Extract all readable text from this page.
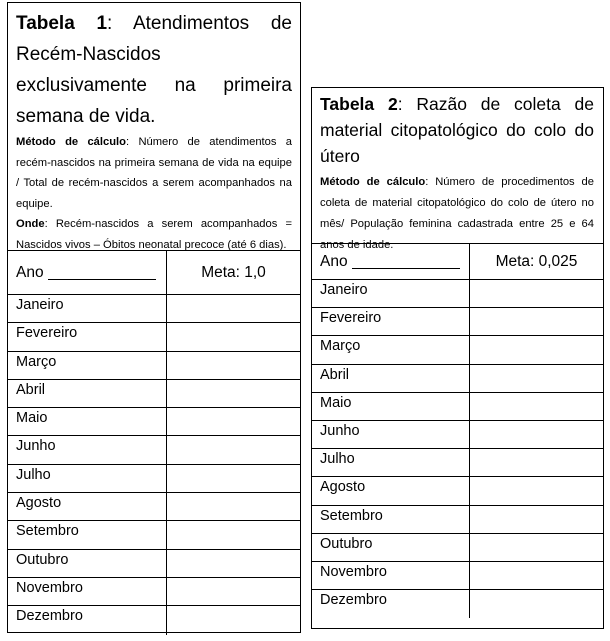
Tabela 1: Atendimentos de Recém-Nascidos exclusivamente na primeira semana de vida.

Método de cálculo: Número de atendimentos a recém-nascidos na primeira semana de vida na equipe / Total de recém-nascidos a serem acompanhados na equipe.

Onde: Recém-nascidos a serem acompanhados = Nascidos vivos – Óbitos neonatal precoce (até 6 dias).

Ano	Meta: 1,0
Janeiro
Fevereiro
Março
Abril
Maio
Junho
Julho
Agosto
Setembro
Outubro
Novembro
Dezembro
Tabela 2: Razão de coleta de material citopatológico do colo do útero

Método de cálculo: Número de procedimentos de coleta de material citopatológico do colo de útero no mês/ População feminina cadastrada entre 25 e 64 anos de idade.

Ano	Meta: 0,025
Janeiro
Fevereiro
Março
Abril
Maio
Junho
Julho
Agosto
Setembro
Outubro
Novembro
Dezembro
